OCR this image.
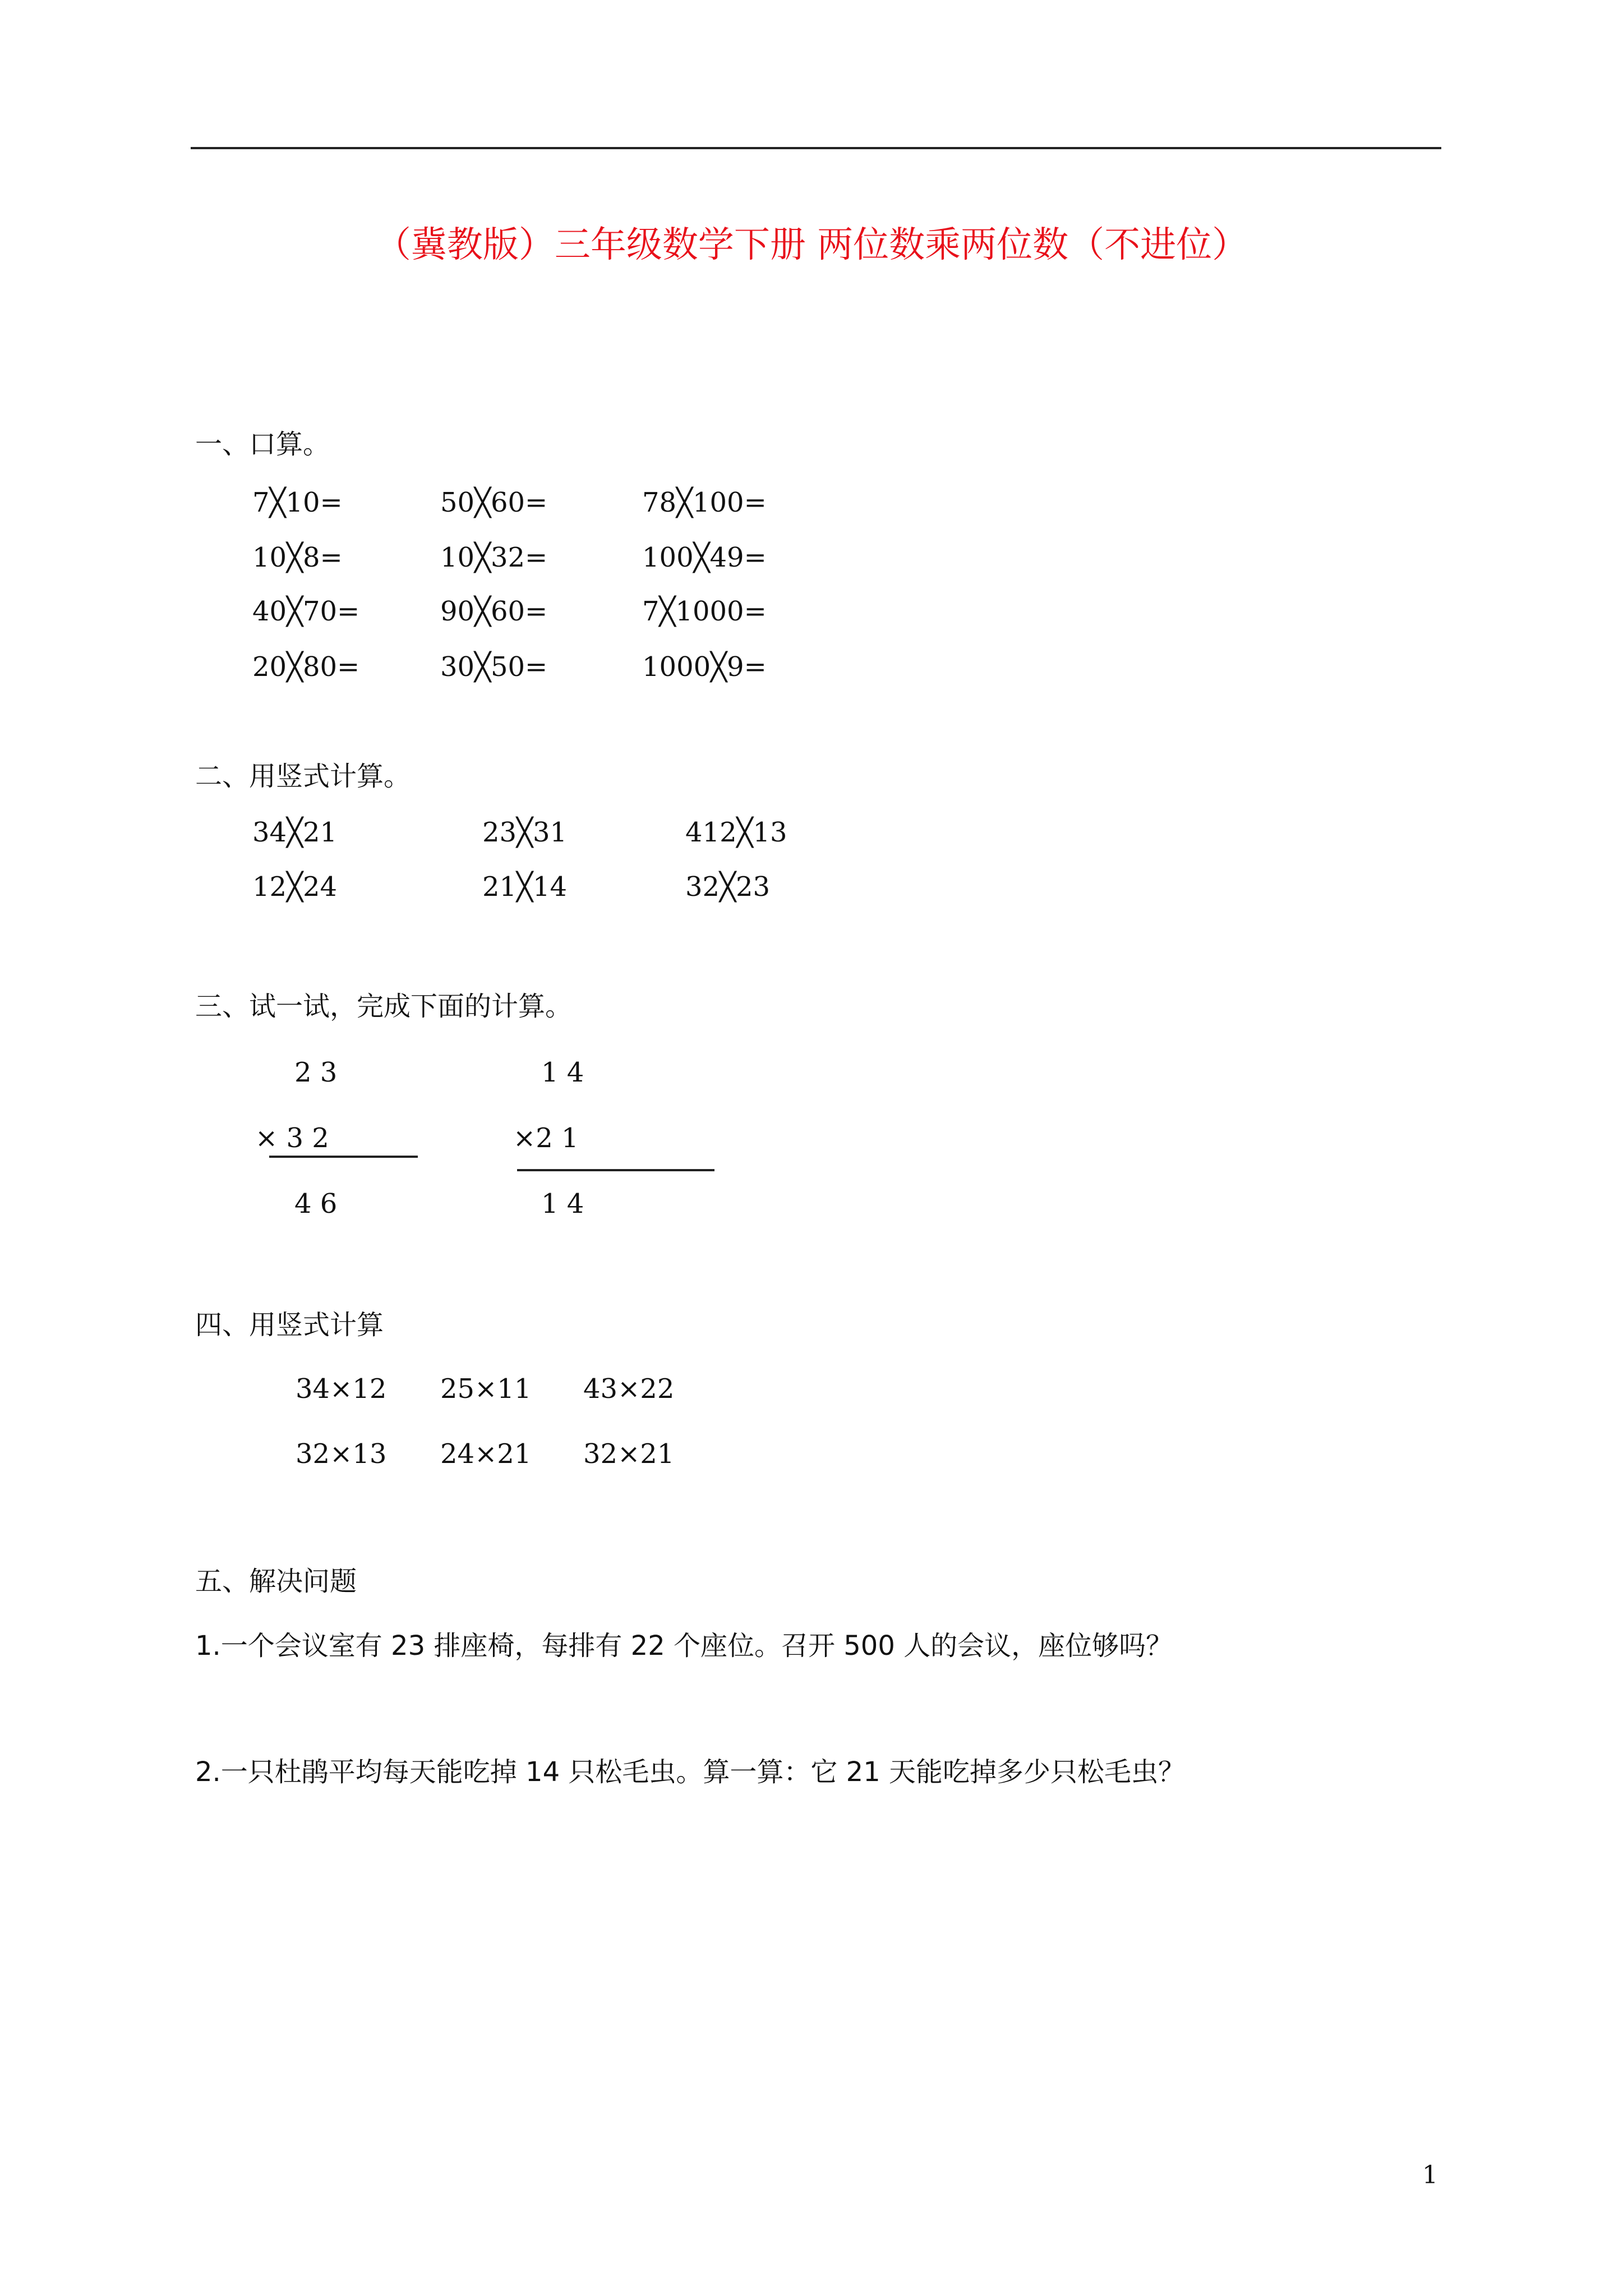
（冀教版）三年级数学下册 两位数乘两位数（不进位）
一、口算。
7╳10=	50╳60=	78╳100=
10╳8=	10╳32=	100╳49=
40╳70=	90╳60=	7╳1000=
20╳80=	30╳50=	1000╳9=
二、用竖式计算。
34╳21	23╳31	412╳13
12╳24	21╳14	32╳23
三、试一试，完成下面的计算。
2 3
× 3 2
4 6
1 4
×2 1
1 4
四、用竖式计算
34×12 25×11 43×22
32×13 24×21 32×21
五、解决问题
1.一个会议室有 23 排座椅，每排有 22 个座位。召开 500 人的会议，座位够吗？
2.一只杜鹃平均每天能吃掉 14 只松毛虫。算一算：它 21 天能吃掉多少只松毛虫？
1
